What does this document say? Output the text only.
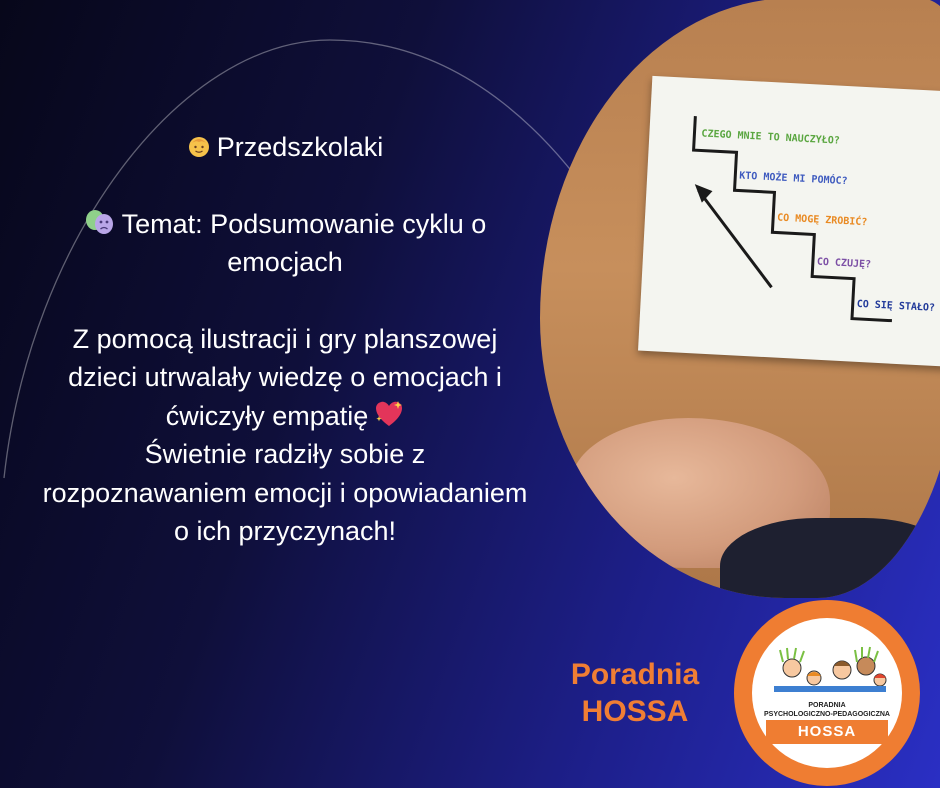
Przedszkolaki

Temat: Podsumowanie cyklu o emocjach

Z pomocą ilustracji i gry planszowej dzieci utrwalały wiedzę o emocjach i ćwiczyły empatię

Świetnie radziły sobie z rozpoznawaniem emocji i opowiadaniem o ich przyczynach!

CZEGO MNIE TO NAUCZYŁO?
KTO MOŻE MI POMÓC?
CO MOGĘ ZROBIĆ?
CO CZUJĘ?
CO SIĘ STAŁO?
Poradnia
HOSSA	PORADNIA
PSYCHOLOGICZNO-PEDAGOGICZNA
HOSSA
